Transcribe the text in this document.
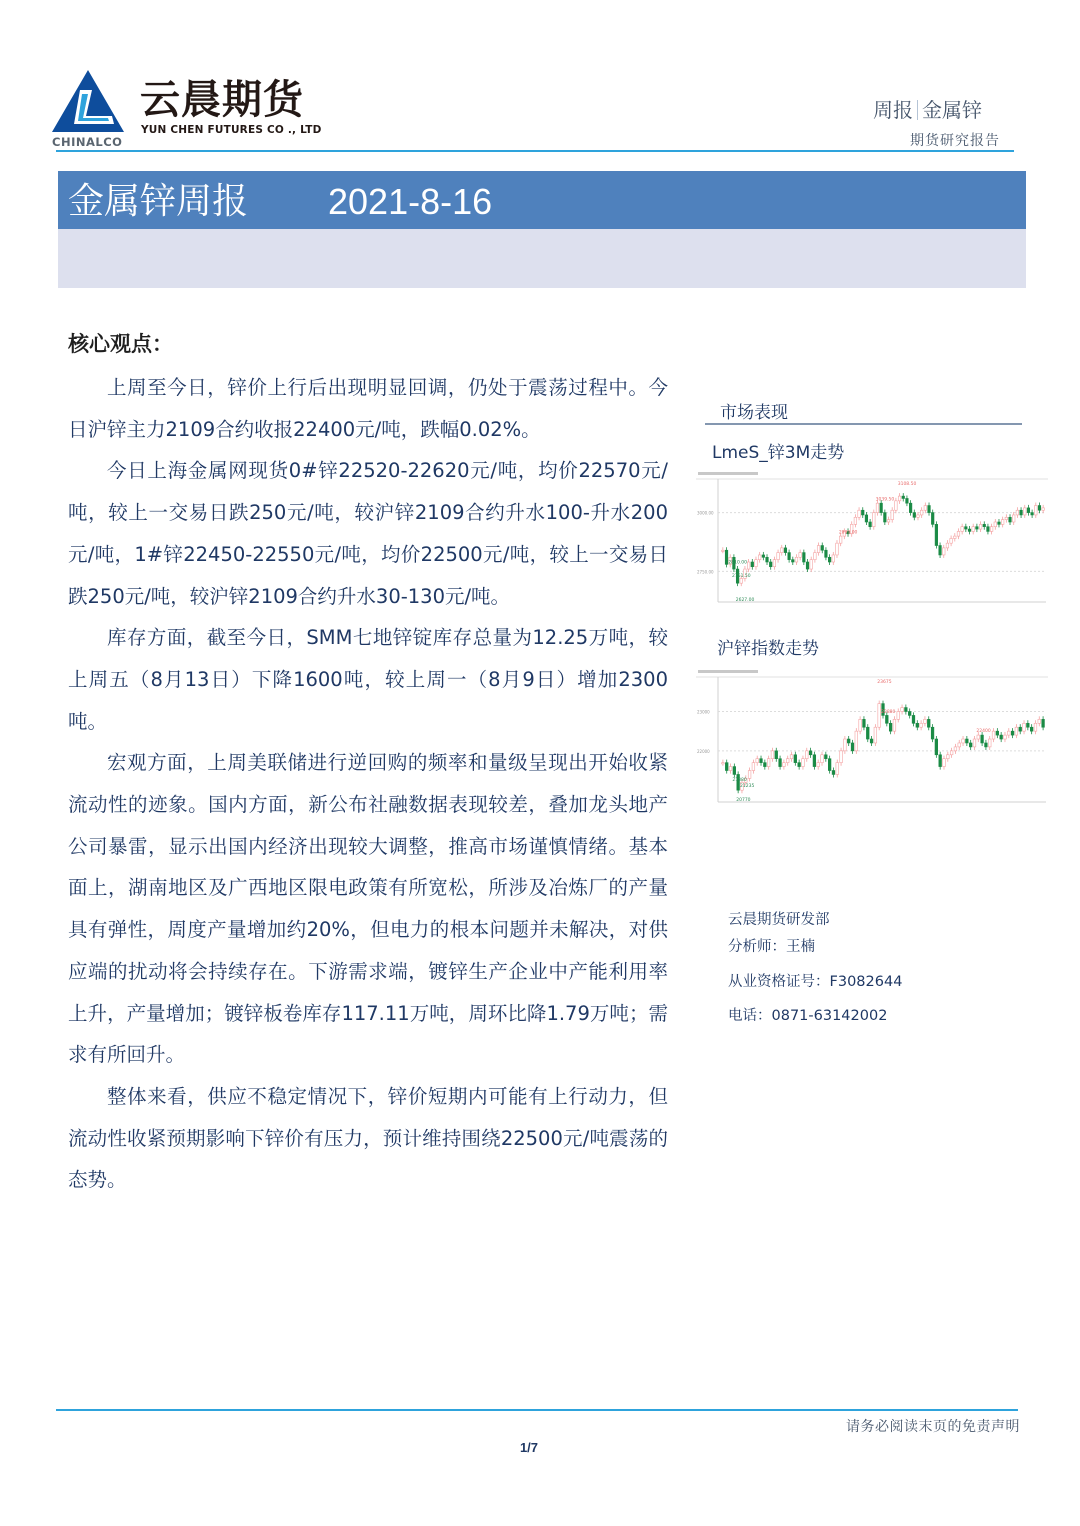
云晨期货
YUN CHEN FUTURES CO ., LTD
CHINALCO
周报 金属锌
期货研究报告
金属锌周报 2021-8-16
核心观点：

上周至今日，锌价上行后出现明显回调，仍处于震荡过程中。今日沪锌主力2109合约收报22400元/吨，跌幅0.02%。

今日上海金属网现货0#锌22520-22620元/吨，均价22570元/吨，较上一交易日跌250元/吨，较沪锌2109合约升水100-升水200元/吨，1#锌22450-22550元/吨，均价22500元/吨，较上一交易日跌250元/吨，较沪锌2109合约升水30-130元/吨。

库存方面，截至今日，SMM七地锌锭库存总量为12.25万吨，较上周五（8月13日）下降1600吨，较上周一（8月9日）增加2300吨。

宏观方面，上周美联储进行逆回购的频率和量级呈现出开始收紧流动性的迹象。国内方面，新公布社融数据表现较差，叠加龙头地产公司暴雷，显示出国内经济出现较大调整，推高市场谨慎情绪。基本面上，湖南地区及广西地区限电政策有所宽松，所涉及冶炼厂的产量具有弹性，周度产量增加约20%，但电力的根本问题并未解决，对供应端的扰动将会持续存在。下游需求端，镀锌生产企业中产能利用率上升，产量增加；镀锌板卷库存117.11万吨，周环比降1.79万吨；需求有所回升。

整体来看，供应不稳定情况下，锌价短期内可能有上行动力，但流动性收紧预期影响下锌价有压力，预计维持围绕22500元/吨震荡的态势。

市场表现
LmeS_锌3M走势
3000.00
2750.00
3108.50
2899.00
3039.50
2751.50
2810.00
2627.00
沪锌指数走势
23000
22000
23675
22400
22880
21235
21380
20770
云晨期货研发部
分析师：王楠
从业资格证号：F3082644
电话：0871-63142002
请务必阅读末页的免责声明
1/7
